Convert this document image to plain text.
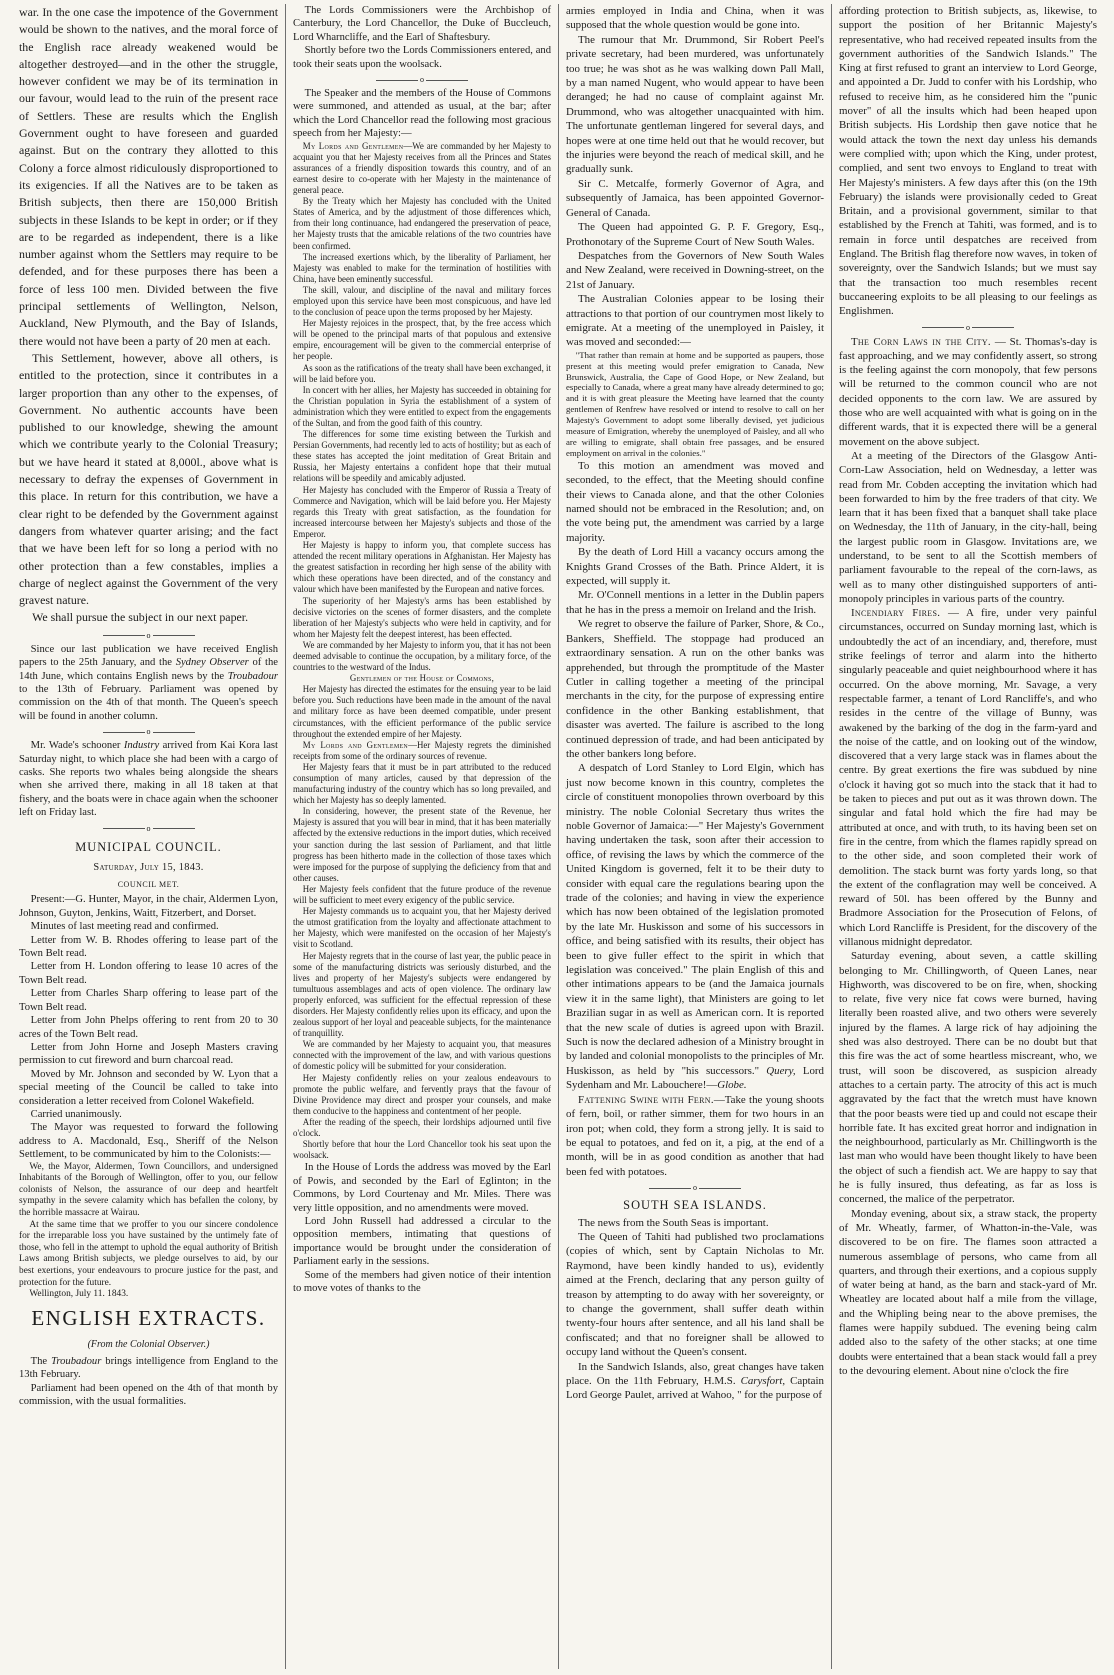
war. In the one case the impotence of the Government would be shown to the natives, and the moral force of the English race already weakened would be altogether destroyed—and in the other the struggle, however confident we may be of its termination in our favour, would lead to the ruin of the present race of Settlers. These are results which the English Government ought to have foreseen and guarded against. But on the contrary they allotted to this Colony a force almost ridiculously disproportioned to its exigencies. If all the Natives are to be taken as British subjects, then there are 150,000 British subjects in these Islands to be kept in order; or if they are to be regarded as independent, there is a like number against whom the Settlers may require to be defended, and for these purposes there has been a force of less 100 men. Divided between the five principal settlements of Wellington, Nelson, Auckland, New Plymouth, and the Bay of Islands, there would not have been a party of 20 men at each.

This Settlement, however, above all others, is entitled to the protection, since it contributes in a larger proportion than any other to the expenses, of Government. No authentic accounts have been published to our knowledge, shewing the amount which we contribute yearly to the Colonial Treasury; but we have heard it stated at 8,000l., above what is necessary to defray the expenses of Government in this place. In return for this contribution, we have a clear right to be defended by the Government against dangers from whatever quarter arising; and the fact that we have been left for so long a period with no other protection than a few constables, implies a charge of neglect against the Government of the very gravest nature.

We shall pursue the subject in our next paper.

o

Since our last publication we have received English papers to the 25th January, and the Sydney Observer of the 14th June, which contains English news by the Troubadour to the 13th of February. Parliament was opened by commission on the 4th of that month. The Queen's speech will be found in another column.

o

Mr. Wade's schooner Industry arrived from Kai Kora last Saturday night, to which place she had been with a cargo of casks. She reports two whales being alongside the shears when she arrived there, making in all 18 taken at that fishery, and the boats were in chace again when the schooner left on Friday last.

o
MUNICIPAL COUNCIL.
Saturday, July 15, 1843.
COUNCIL MET.

Present:—G. Hunter, Mayor, in the chair, Aldermen Lyon, Johnson, Guyton, Jenkins, Waitt, Fitzerbert, and Dorset.

Minutes of last meeting read and confirmed.

Letter from W. B. Rhodes offering to lease part of the Town Belt read.

Letter from H. London offering to lease 10 acres of the Town Belt read.

Letter from Charles Sharp offering to lease part of the Town Belt read.

Letter from John Phelps offering to rent from 20 to 30 acres of the Town Belt read.

Letter from John Horne and Joseph Masters craving permission to cut fireword and burn charcoal read.

Moved by Mr. Johnson and seconded by W. Lyon that a special meeting of the Council be called to take into consideration a letter received from Colonel Wakefield.

Carried unanimously.

The Mayor was requested to forward the following address to A. Macdonald, Esq., Sheriff of the Nelson Settlement, to be communicated by him to the Colonists:—

We, the Mayor, Aldermen, Town Councillors, and undersigned Inhabitants of the Borough of Wellington, offer to you, our fellow colonists of Nelson, the assurance of our deep and heartfelt sympathy in the severe calamity which has befallen the colony, by the horrible massacre at Wairau.

At the same time that we proffer to you our sincere condolence for the irreparable loss you have sustained by the untimely fate of those, who fell in the attempt to uphold the equal authority of British Laws among British subjects, we pledge ourselves to aid, by our best exertions, your endeavours to procure justice for the past, and protection for the future.

Wellington, July 11. 1843.

ENGLISH EXTRACTS.
(From the Colonial Observer.)

The Troubadour brings intelligence from England to the 13th February.

Parliament had been opened on the 4th of that month by commission, with the usual formalities.

The Lords Commissioners were the Archbishop of Canterbury, the Lord Chancellor, the Duke of Buccleuch, Lord Wharncliffe, and the Earl of Shaftesbury.

Shortly before two the Lords Commissioners entered, and took their seats upon the woolsack.

o

The Speaker and the members of the House of Commons were summoned, and attended as usual, at the bar; after which the Lord Chancellor read the following most gracious speech from her Majesty:—

My Lords and Gentlemen—We are commanded by her Majesty to acquaint you that her Majesty receives from all the Princes and States assurances of a friendly disposition towards this country, and of an earnest desire to co-operate with her Majesty in the maintenance of general peace.

By the Treaty which her Majesty has concluded with the United States of America, and by the adjustment of those differences which, from their long continuance, had endangered the preservation of peace, her Majesty trusts that the amicable relations of the two countries have been confirmed.

The increased exertions which, by the liberality of Parliament, her Majesty was enabled to make for the termination of hostilities with China, have been eminently successful.

The skill, valour, and discipline of the naval and military forces employed upon this service have been most conspicuous, and have led to the conclusion of peace upon the terms proposed by her Majesty.

Her Majesty rejoices in the prospect, that, by the free access which will be opened to the principal marts of that populous and extensive empire, encouragement will be given to the commercial enterprise of her people.

As soon as the ratifications of the treaty shall have been exchanged, it will be laid before you.

In concert with her allies, her Majesty has succeeded in obtaining for the Christian population in Syria the establishment of a system of administration which they were entitled to expect from the engagements of the Sultan, and from the good faith of this country.

The differences for some time existing between the Turkish and Persian Governments, had recently led to acts of hostility; but as each of these states has accepted the joint meditation of Great Britain and Russia, her Majesty entertains a confident hope that their mutual relations will be speedily and amicably adjusted.

Her Majesty has concluded with the Emperor of Russia a Treaty of Commerce and Navigation, which will be laid before you. Her Majesty regards this Treaty with great satisfaction, as the foundation for increased intercourse between her Majesty's subjects and those of the Emperor.

Her Majesty is happy to inform you, that complete success has attended the recent military operations in Afghanistan. Her Majesty has the greatest satisfaction in recording her high sense of the ability with which these operations have been directed, and of the constancy and valour which have been manifested by the European and native forces.

The superiority of her Majesty's arms has been established by decisive victories on the scenes of former disasters, and the complete liberation of her Majesty's subjects who were held in captivity, and for whom her Majesty felt the deepest interest, has been effected.

We are commanded by her Majesty to inform you, that it has not been deemed advisable to continue the occupation, by a military force, of the countries to the westward of the Indus.

Gentlemen of the House of Commons,

Her Majesty has directed the estimates for the ensuing year to be laid before you. Such reductions have been made in the amount of the naval and military force as have been deemed compatible, under present circumstances, with the efficient performance of the public service throughout the extended empire of her Majesty.

My Lords and Gentlemen—Her Majesty regrets the diminished receipts from some of the ordinary sources of revenue.

Her Majesty fears that it must be in part attributed to the reduced consumption of many articles, caused by that depression of the manufacturing industry of the country which has so long prevailed, and which her Majesty has so deeply lamented.

In considering, however, the present state of the Revenue, her Majesty is assured that you will bear in mind, that it has been materially affected by the extensive reductions in the import duties, which received your sanction during the last session of Parliament, and that little progress has been hitherto made in the collection of those taxes which were imposed for the purpose of supplying the deficiency from that and other causes.

Her Majesty feels confident that the future produce of the revenue will be sufficient to meet every exigency of the public service.

Her Majesty commands us to acquaint you, that her Majesty derived the utmost gratification from the loyalty and affectionate attachment to her Majesty, which were manifested on the occasion of her Majesty's visit to Scotland.

Her Majesty regrets that in the course of last year, the public peace in some of the manufacturing districts was seriously disturbed, and the lives and property of her Majesty's subjects were endangered by tumultuous assemblages and acts of open violence. The ordinary law properly enforced, was sufficient for the effectual repression of these disorders. Her Majesty confidently relies upon its efficacy, and upon the zealous support of her loyal and peaceable subjects, for the maintenance of tranquillity.

We are commanded by her Majesty to acquaint you, that measures connected with the improvement of the law, and with various questions of domestic policy will be submitted for your consideration.

Her Majesty confidently relies on your zealous endeavours to promote the public welfare, and fervently prays that the favour of Divine Providence may direct and prosper your counsels, and make them conducive to the happiness and contentment of her people.

After the reading of the speech, their lordships adjourned until five o'clock.

Shortly before that hour the Lord Chancellor took his seat upon the woolsack.

In the House of Lords the address was moved by the Earl of Powis, and seconded by the Earl of Eglinton; in the Commons, by Lord Courtenay and Mr. Miles. There was very little opposition, and no amendments were moved.

Lord John Russell had addressed a circular to the opposition members, intimating that questions of importance would be brought under the consideration of Parliament early in the sessions.

Some of the members had given notice of their intention to move votes of thanks to the

armies employed in India and China, when it was supposed that the whole question would be gone into.

The rumour that Mr. Drummond, Sir Robert Peel's private secretary, had been murdered, was unfortunately too true; he was shot as he was walking down Pall Mall, by a man named Nugent, who would appear to have been deranged; he had no cause of complaint against Mr. Drummond, who was altogether unacquainted with him. The unfortunate gentleman lingered for several days, and hopes were at one time held out that he would recover, but the injuries were beyond the reach of medical skill, and he gradually sunk.

Sir C. Metcalfe, formerly Governor of Agra, and subsequently of Jamaica, has been appointed Governor-General of Canada.

The Queen had appointed G. P. F. Gregory, Esq., Prothonotary of the Supreme Court of New South Wales.

Despatches from the Governors of New South Wales and New Zealand, were received in Downing-street, on the 21st of January.

The Australian Colonies appear to be losing their attractions to that portion of our countrymen most likely to emigrate. At a meeting of the unemployed in Paisley, it was moved and seconded:—

"That rather than remain at home and be supported as paupers, those present at this meeting would prefer emigration to Canada, New Brunswick, Australia, the Cape of Good Hope, or New Zealand, but especially to Canada, where a great many have already determined to go; and it is with great pleasure the Meeting have learned that the county gentlemen of Renfrew have resolved or intend to resolve to call on her Majesty's Government to adopt some liberally devised, yet judicious measure of Emigration, whereby the unemployed of Paisley, and all who are willing to emigrate, shall obtain free passages, and be ensured employment on arrival in the colonies."

To this motion an amendment was moved and seconded, to the effect, that the Meeting should confine their views to Canada alone, and that the other Colonies named should not be embraced in the Resolution; and, on the vote being put, the amendment was carried by a large majority.

By the death of Lord Hill a vacancy occurs among the Knights Grand Crosses of the Bath. Prince Aldert, it is expected, will supply it.

Mr. O'Connell mentions in a letter in the Dublin papers that he has in the press a memoir on Ireland and the Irish.

We regret to observe the failure of Parker, Shore, & Co., Bankers, Sheffield. The stoppage had produced an extraordinary sensation. A run on the other banks was apprehended, but through the promptitude of the Master Cutler in calling together a meeting of the principal merchants in the city, for the purpose of expressing entire confidence in the other Banking establishment, that disaster was averted. The failure is ascribed to the long continued depression of trade, and had been anticipated by the other bankers long before.

A despatch of Lord Stanley to Lord Elgin, which has just now become known in this country, completes the circle of constituent monopolies thrown overboard by this ministry. The noble Colonial Secretary thus writes the noble Governor of Jamaica:—" Her Majesty's Government having undertaken the task, soon after their accession to office, of revising the laws by which the commerce of the United Kingdom is governed, felt it to be their duty to consider with equal care the regulations bearing upon the trade of the colonies; and having in view the experience which has now been obtained of the legislation promoted by the late Mr. Huskisson and some of his successors in office, and being satisfied with its results, their object has been to give fuller effect to the spirit in which that legislation was conceived." The plain English of this and other intimations appears to be (and the Jamaica journals view it in the same light), that Ministers are going to let Brazilian sugar in as well as American corn. It is reported that the new scale of duties is agreed upon with Brazil. Such is now the declared adhesion of a Ministry brought in by landed and colonial monopolists to the principles of Mr. Huskisson, as held by "his successors." Query, Lord Sydenham and Mr. Labouchere!—Globe.

Fattening Swine with Fern.—Take the young shoots of fern, boil, or rather simmer, them for two hours in an iron pot; when cold, they form a strong jelly. It is said to be equal to potatoes, and fed on it, a pig, at the end of a month, will be in as good condition as another that had been fed with potatoes.

o
SOUTH SEA ISLANDS.

The news from the South Seas is important.

The Queen of Tahiti had published two proclamations (copies of which, sent by Captain Nicholas to Mr. Raymond, have been kindly handed to us), evidently aimed at the French, declaring that any person guilty of treason by attempting to do away with her sovereignty, or to change the government, shall suffer death within twenty-four hours after sentence, and all his land shall be confiscated; and that no foreigner shall be allowed to occupy land without the Queen's consent.

In the Sandwich Islands, also, great changes have taken place. On the 11th February, H.M.S. Carysfort, Captain Lord George Paulet, arrived at Wahoo, " for the purpose of

affording protection to British subjects, as, likewise, to support the position of her Britannic Majesty's representative, who had received repeated insults from the government authorities of the Sandwich Islands." The King at first refused to grant an interview to Lord George, and appointed a Dr. Judd to confer with his Lordship, who refused to receive him, as he considered him the "punic mover" of all the insults which had been heaped upon British subjects. His Lordship then gave notice that he would attack the town the next day unless his demands were complied with; upon which the King, under protest, complied, and sent two envoys to England to treat with Her Majesty's ministers. A few days after this (on the 19th February) the islands were provisionally ceded to Great Britain, and a provisional government, similar to that established by the French at Tahiti, was formed, and is to remain in force until despatches are received from England. The British flag therefore now waves, in token of sovereignty, over the Sandwich Islands; but we must say that the transaction too much resembles recent buccaneering exploits to be all pleasing to our feelings as Englishmen.

o

The Corn Laws in the City. — St. Thomas's-day is fast approaching, and we may confidently assert, so strong is the feeling against the corn monopoly, that few persons will be returned to the common council who are not decided opponents to the corn law. We are assured by those who are well acquainted with what is going on in the different wards, that it is expected there will be a general movement on the above subject.

At a meeting of the Directors of the Glasgow Anti-Corn-Law Association, held on Wednesday, a letter was read from Mr. Cobden accepting the invitation which had been forwarded to him by the free traders of that city. We learn that it has been fixed that a banquet shall take place on Wednesday, the 11th of January, in the city-hall, being the largest public room in Glasgow. Invitations are, we understand, to be sent to all the Scottish members of parliament favourable to the repeal of the corn-laws, as well as to many other distinguished supporters of anti-monopoly principles in various parts of the country.

Incendiary Fires. — A fire, under very painful circumstances, occurred on Sunday morning last, which is undoubtedly the act of an incendiary, and, therefore, must strike feelings of terror and alarm into the hitherto singularly peaceable and quiet neighbourhood where it has occurred. On the above morning, Mr. Savage, a very respectable farmer, a tenant of Lord Rancliffe's, and who resides in the centre of the village of Bunny, was awakened by the barking of the dog in the farm-yard and the noise of the cattle, and on looking out of the window, discovered that a very large stack was in flames about the centre. By great exertions the fire was subdued by nine o'clock it having got so much into the stack that it had to be taken to pieces and put out as it was thrown down. The singular and fatal hold which the fire had may be attributed at once, and with truth, to its having been set on fire in the centre, from which the flames rapidly spread on to the other side, and soon completed their work of demolition. The stack burnt was forty yards long, so that the extent of the conflagration may well be conceived. A reward of 50l. has been offered by the Bunny and Bradmore Association for the Prosecution of Felons, of which Lord Rancliffe is President, for the discovery of the villanous midnight depredator.

Saturday evening, about seven, a cattle skilling belonging to Mr. Chillingworth, of Queen Lanes, near Highworth, was discovered to be on fire, when, shocking to relate, five very nice fat cows were burned, having literally been roasted alive, and two others were severely injured by the flames. A large rick of hay adjoining the shed was also destroyed. There can be no doubt but that this fire was the act of some heartless miscreant, who, we trust, will soon be discovered, as suspicion already attaches to a certain party. The atrocity of this act is much aggravated by the fact that the wretch must have known that the poor beasts were tied up and could not escape their horrible fate. It has excited great horror and indignation in the neighbourhood, particularly as Mr. Chillingworth is the last man who would have been thought likely to have been the object of such a fiendish act. We are happy to say that he is fully insured, thus defeating, as far as loss is concerned, the malice of the perpetrator.

Monday evening, about six, a straw stack, the property of Mr. Wheatly, farmer, of Whatton-in-the-Vale, was discovered to be on fire. The flames soon attracted a numerous assemblage of persons, who came from all quarters, and through their exertions, and a copious supply of water being at hand, as the barn and stack-yard of Mr. Wheatley are located about half a mile from the village, and the Whipling being near to the above premises, the flames were happily subdued. The evening being calm added also to the safety of the other stacks; at one time doubts were entertained that a bean stack would fall a prey to the devouring element. About nine o'clock the fire
